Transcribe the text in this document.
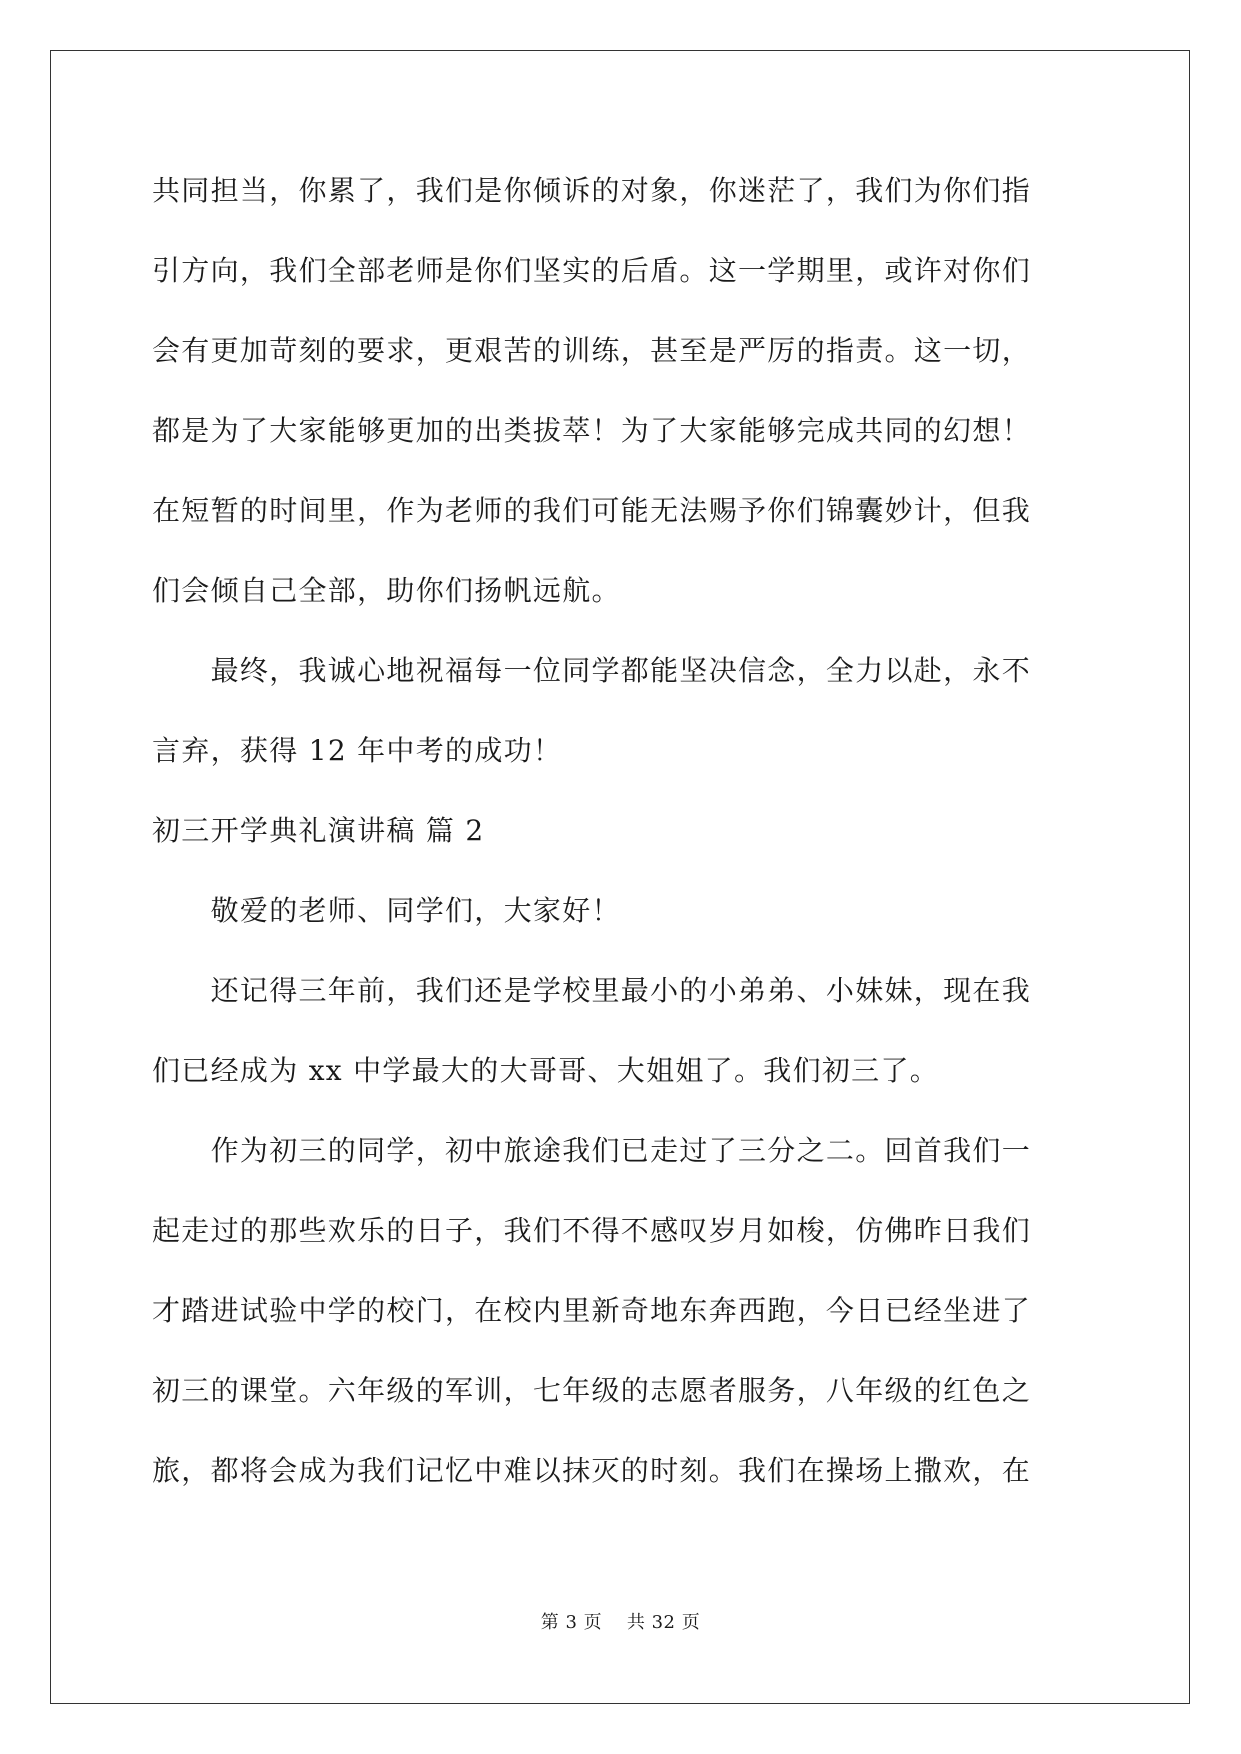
共同担当，你累了，我们是你倾诉的对象，你迷茫了，我们为你们指
引方向，我们全部老师是你们坚实的后盾。这一学期里，或许对你们
会有更加苛刻的要求，更艰苦的训练，甚至是严厉的指责。这一切，
都是为了大家能够更加的出类拔萃！为了大家能够完成共同的幻想！
在短暂的时间里，作为老师的我们可能无法赐予你们锦囊妙计，但我
们会倾自己全部，助你们扬帆远航。
　　最终，我诚心地祝福每一位同学都能坚决信念，全力以赴，永不
言弃，获得 12 年中考的成功！
初三开学典礼演讲稿 篇 2
　　敬爱的老师、同学们，大家好！
　　还记得三年前，我们还是学校里最小的小弟弟、小妹妹，现在我
们已经成为 xx 中学最大的大哥哥、大姐姐了。我们初三了。
　　作为初三的同学，初中旅途我们已走过了三分之二。回首我们一
起走过的那些欢乐的日子，我们不得不感叹岁月如梭，仿佛昨日我们
才踏进试验中学的校门，在校内里新奇地东奔西跑，今日已经坐进了
初三的课堂。六年级的军训，七年级的志愿者服务，八年级的红色之
旅，都将会成为我们记忆中难以抹灭的时刻。我们在操场上撒欢，在
第 3 页　 共 32 页
